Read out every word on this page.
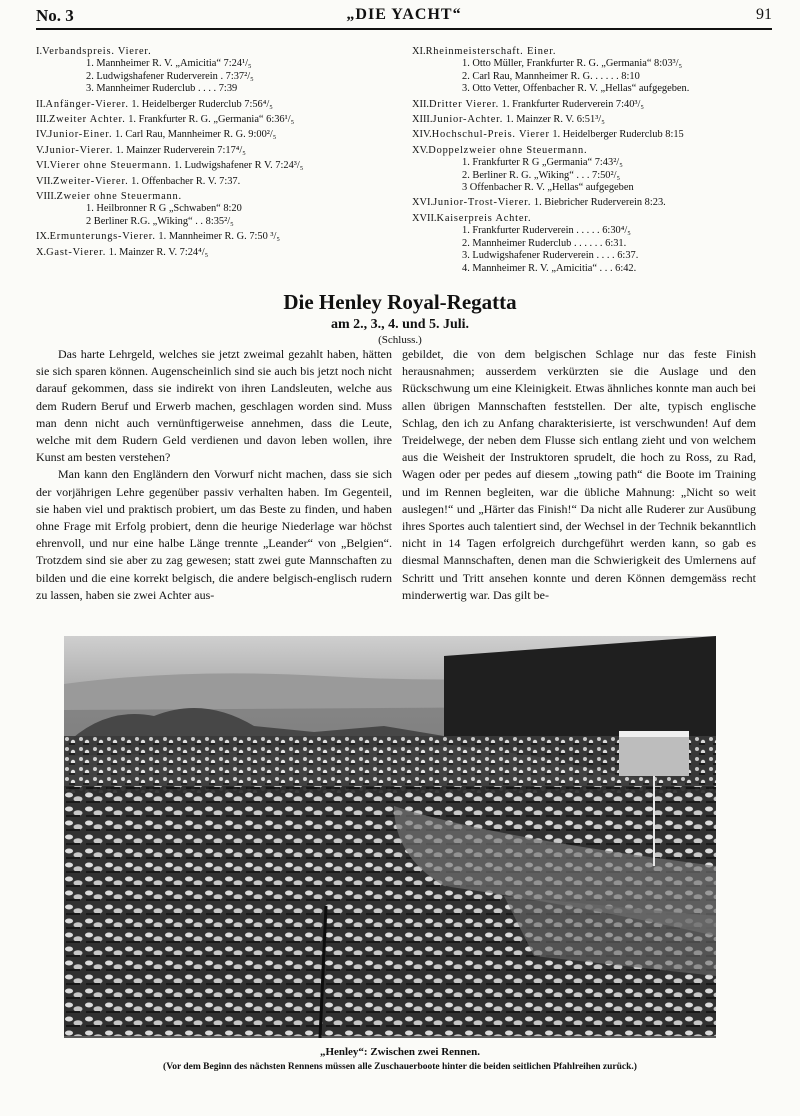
No. 3	„DIE YACHT“	91
I.Verbandspreis. Vierer.
1. Mannheimer R. V. „Amicitia“ 7:24¹/₅
2. Ludwigshafener Ruderverein . 7:37²/₅
3. Mannheimer Ruderclub . . . . 7:39
II.Anfänger-Vierer. 1. Heidelberger Ruderclub 7:56⁴/₅
III.Zweiter Achter. 1. Frankfurter R. G. „Germania“ 6:36¹/₅
IV.Junior-Einer. 1. Carl Rau, Mannheimer R. G. 9:00²/₅
V.Junior-Vierer. 1. Mainzer Ruderverein 7:17⁴/₅
VI.Vierer ohne Steuermann. 1. Ludwigshafener R V. 7:24³/₅
VII.Zweiter-Vierer. 1. Offenbacher R. V. 7:37.
VIII.Zweier ohne Steuermann.
1. Heilbronner R G „Schwaben“ 8:20
2 Berliner R.G. „Wiking“ . . 8:35²/₅
IX.Ermunterungs-Vierer. 1. Mannheimer R. G. 7:50 ³/₅
X.Gast-Vierer. 1. Mainzer R. V. 7:24⁴/₅
XI.Rheinmeisterschaft. Einer.
1. Otto Müller, Frankfurter R. G. „Germania“ 8:03³/₅
2. Carl Rau, Mannheimer R. G. . . . . . 8:10
3. Otto Vetter, Offenbacher R. V. „Hellas“ aufgegeben.
XII.Dritter Vierer. 1. Frankfurter Ruderverein 7:40³/₅
XIII.Junior-Achter. 1. Mainzer R. V. 6:51³/₅
XIV.Hochschul-Preis. Vierer 1. Heidelberger Ruderclub 8:15
XV.Doppelzweier ohne Steuermann.
1. Frankfurter R G „Germania“ 7:43²/₅
2. Berliner R. G. „Wiking“ . . . 7:50²/₅
3 Offenbacher R. V. „Hellas“ aufgegeben
XVI.Junior-Trost-Vierer. 1. Biebricher Ruderverein 8:23.
XVII.Kaiserpreis Achter.
1. Frankfurter Ruderverein . . . . . 6:30⁴/₅
2. Mannheimer Ruderclub . . . . . . 6:31.
3. Ludwigshafener Ruderverein . . . . 6:37.
4. Mannheimer R. V. „Amicitia“ . . . 6:42.
Die Henley Royal-Regatta
am 2., 3., 4. und 5. Juli.
(Schluss.)

Das harte Lehrgeld, welches sie jetzt zweimal gezahlt haben, hätten sie sich sparen können. Augenscheinlich sind sie auch bis jetzt noch nicht darauf gekommen, dass sie indirekt von ihren Landsleuten, welche aus dem Rudern Beruf und Erwerb machen, geschlagen worden sind. Muss man denn nicht auch vernünftigerweise annehmen, dass die Leute, welche mit dem Rudern Geld verdienen und davon leben wollen, ihre Kunst am besten verstehen?

Man kann den Engländern den Vorwurf nicht machen, dass sie sich der vorjährigen Lehre gegenüber passiv verhalten haben. Im Gegenteil, sie haben viel und praktisch probiert, um das Beste zu finden, und haben ohne Frage mit Erfolg probiert, denn die heurige Niederlage war höchst ehrenvoll, und nur eine halbe Länge trennte „Leander“ von „Belgien“. Trotzdem sind sie aber zu zag gewesen; statt zwei gute Mannschaften zu bilden und die eine korrekt belgisch, die andere belgisch-englisch rudern zu lassen, haben sie zwei Achter aus-

gebildet, die von dem belgischen Schlage nur das feste Finish herausnahmen; ausserdem verkürzten sie die Auslage und den Rückschwung um eine Kleinigkeit. Etwas ähnliches konnte man auch bei allen übrigen Mannschaften feststellen. Der alte, typisch englische Schlag, den ich zu Anfang charakterisierte, ist verschwunden! Auf dem Treidelwege, der neben dem Flusse sich entlang zieht und von welchem aus die Weisheit der Instruktoren sprudelt, die hoch zu Ross, zu Rad, Wagen oder per pedes auf diesem „towing path“ die Boote im Training und im Rennen begleiten, war die übliche Mahnung: „Nicht so weit auslegen!“ und „Härter das Finish!“ Da nicht alle Ruderer zur Ausübung ihres Sportes auch talentiert sind, der Wechsel in der Technik bekanntlich nicht in 14 Tagen erfolgreich durchgeführt werden kann, so gab es diesmal Mannschaften, denen man die Schwierigkeit des Umlernens auf Schritt und Tritt ansehen konnte und deren Können demgemäss recht minderwertig war. Das gilt be-

„Henley“: Zwischen zwei Rennen.
(Vor dem Beginn des nächsten Rennens müssen alle Zuschauerboote hinter die beiden seitlichen Pfahlreihen zurück.)
